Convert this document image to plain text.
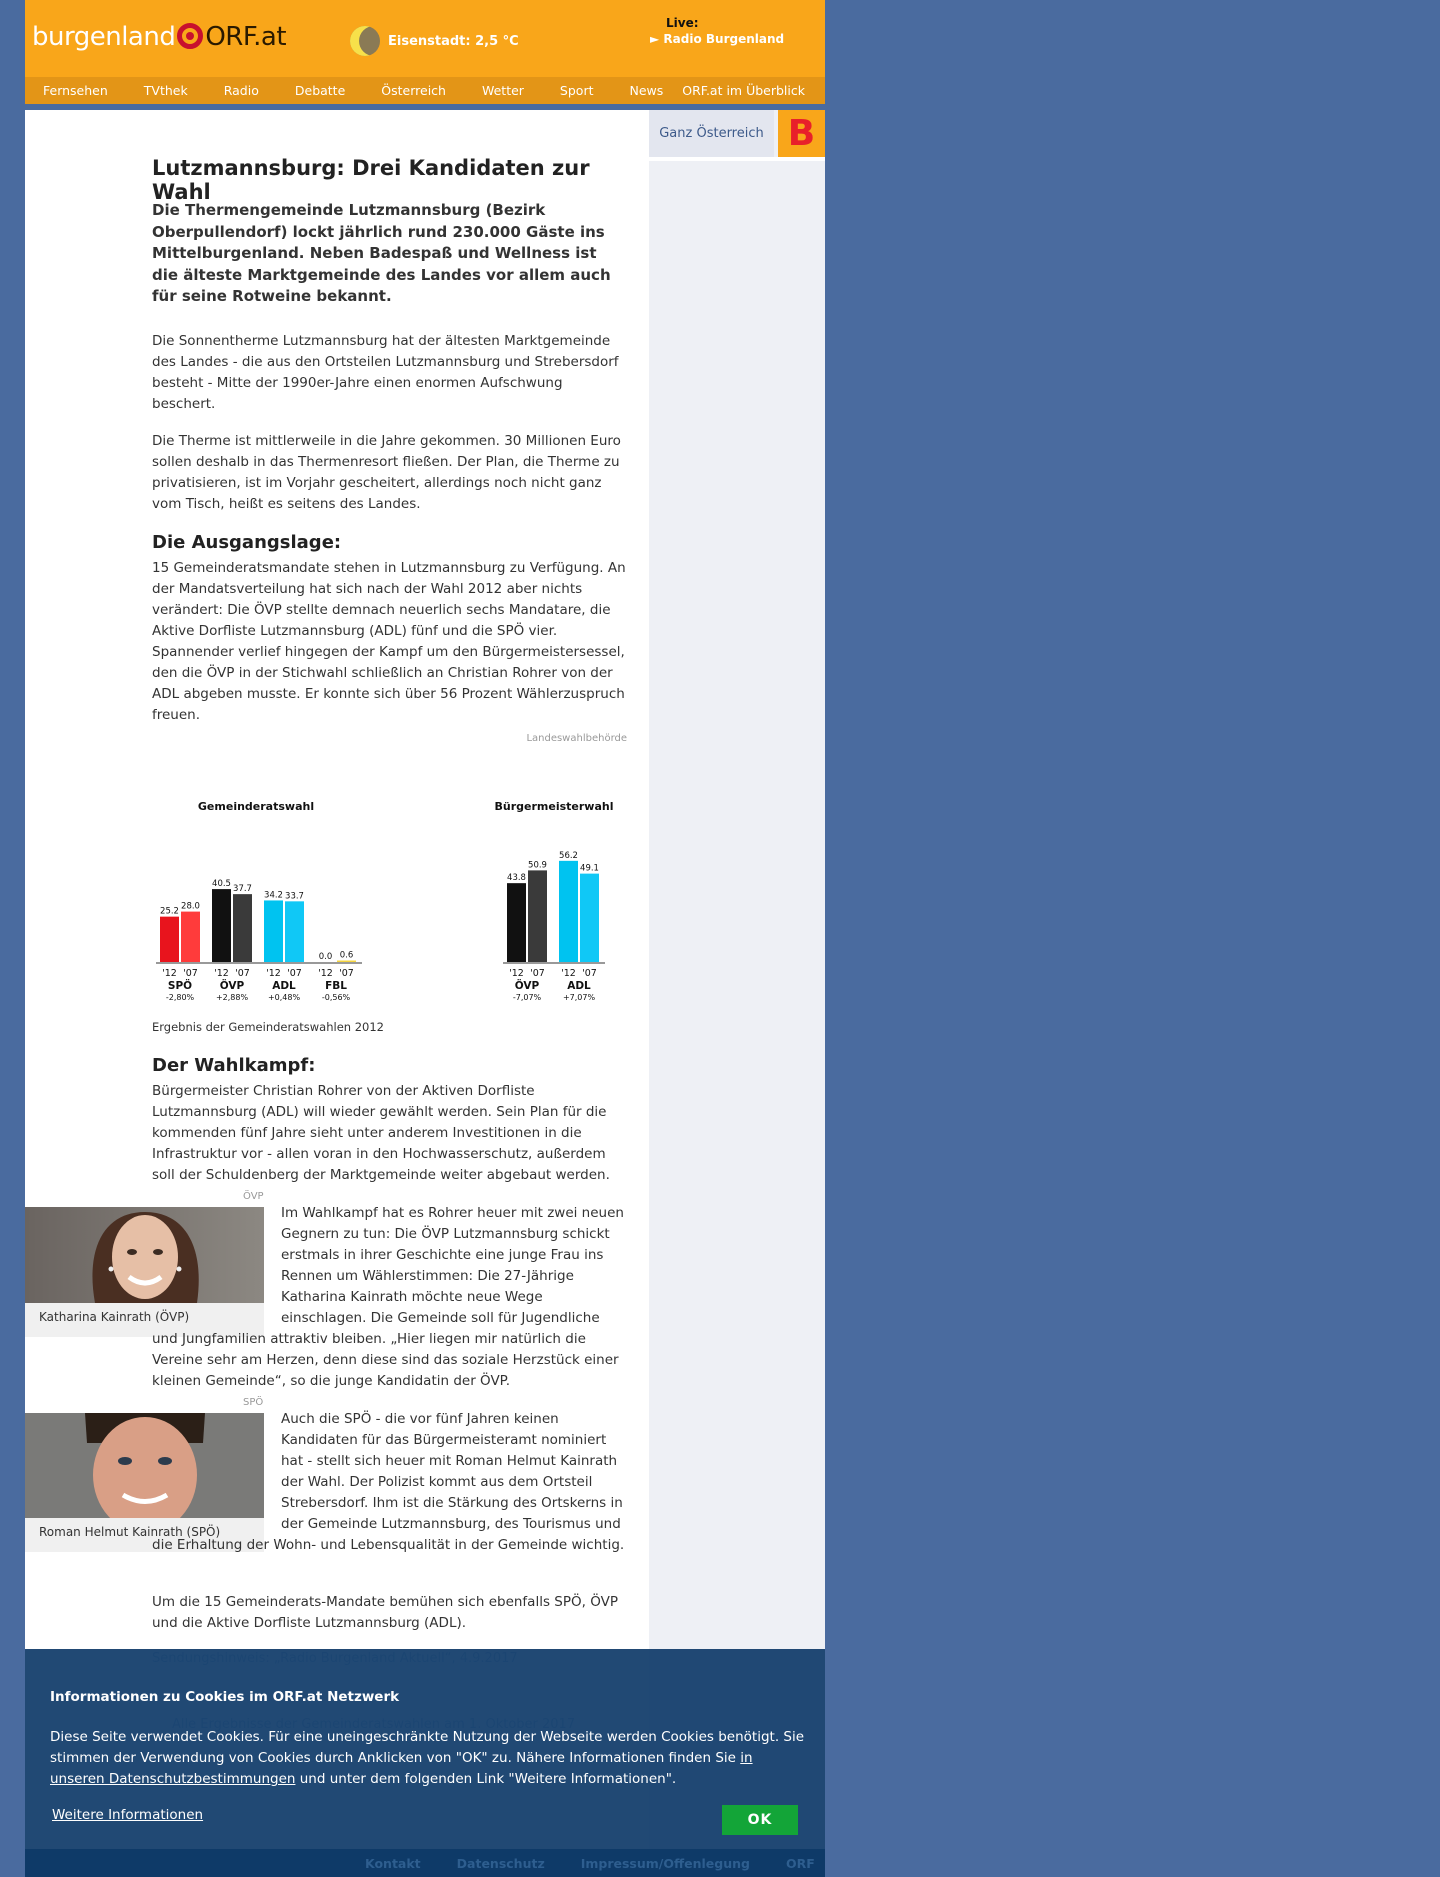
burgenland ORF.at	Eisenstadt: 2,5 °C
Live:
► Radio Burgenland
Fernsehen	TVthek	Radio	Debatte	Österreich	Wetter	Sport	News	ORF.at im Überblick
Ganz Österreich B
Lutzmannsburg: Drei Kandidaten zur Wahl
Die Thermengemeinde Lutzmannsburg (Bezirk Oberpullendorf) lockt jährlich rund 230.000 Gäste ins Mittelburgenland. Neben Badespaß und Wellness ist die älteste Marktgemeinde des Landes vor allem auch für seine Rotweine bekannt.
Die Sonnentherme Lutzmannsburg hat der ältesten Marktgemeinde des Landes - die aus den Ortsteilen Lutzmannsburg und Strebersdorf besteht - Mitte der 1990er-Jahre einen enormen Aufschwung beschert.
Die Therme ist mittlerweile in die Jahre gekommen. 30 Millionen Euro sollen deshalb in das Thermenresort fließen. Der Plan, die Therme zu privatisieren, ist im Vorjahr gescheitert, allerdings noch nicht ganz vom Tisch, heißt es seitens des Landes.
Die Ausgangslage:
15 Gemeinderatsmandate stehen in Lutzmannsburg zu Verfügung. An der Mandatsverteilung hat sich nach der Wahl 2012 aber nichts verändert: Die ÖVP stellte demnach neuerlich sechs Mandatare, die Aktive Dorfliste Lutzmannsburg (ADL) fünf und die SPÖ vier. Spannender verlief hingegen der Kampf um den Bürgermeistersessel, den die ÖVP in der Stichwahl schließlich an Christian Rohrer von der ADL abgeben musste. Er konnte sich über 56 Prozent Wählerzuspruch freuen.
Landeswahlbehörde
Gemeinderatswahl
25.2
'12
28.0
'07
SPÖ
-2,80%
40.5
'12
37.7
'07
ÖVP
+2,88%
34.2
'12
33.7
'07
ADL
+0,48%
0.0
'12
0.6
'07
FBL
-0,56%
Bürgermeisterwahl
43.8
'12
50.9
'07
ÖVP
-7,07%
56.2
'12
49.1
'07
ADL
+7,07%
Ergebnis der Gemeinderatswahlen 2012
Der Wahlkampf:
Bürgermeister Christian Rohrer von der Aktiven Dorfliste Lutzmannsburg (ADL) will wieder gewählt werden. Sein Plan für die kommenden fünf Jahre sieht unter anderem Investitionen in die Infrastruktur vor - allen voran in den Hochwasserschutz, außerdem soll der Schuldenberg der Marktgemeinde weiter abgebaut werden.
ÖVP
Katharina Kainrath (ÖVP)
Im Wahlkampf hat es Rohrer heuer mit zwei neuen Gegnern zu tun: Die ÖVP Lutzmannsburg schickt erstmals in ihrer Geschichte eine junge Frau ins Rennen um Wählerstimmen: Die 27-Jährige Katharina Kainrath möchte neue Wege einschlagen. Die Gemeinde soll für Jugendliche und Jungfamilien attraktiv bleiben. „Hier liegen mir natürlich die Vereine sehr am Herzen, denn diese sind das soziale Herzstück einer kleinen Gemeinde“, so die junge Kandidatin der ÖVP.
SPÖ
Roman Helmut Kainrath (SPÖ)
Auch die SPÖ - die vor fünf Jahren keinen Kandidaten für das Bürgermeisteramt nominiert hat - stellt sich heuer mit Roman Helmut Kainrath der Wahl. Der Polizist kommt aus dem Ortsteil Strebersdorf. Ihm ist die Stärkung des Ortskerns in der Gemeinde Lutzmannsburg, des Tourismus und die Erhaltung der Wohn- und Lebensqualität in der Gemeinde wichtig.
Um die 15 Gemeinderats-Mandate bemühen sich ebenfalls SPÖ, ÖVP und die Aktive Dorfliste Lutzmannsburg (ADL).
Informationen zu Cookies im ORF.at Netzwerk
Diese Seite verwendet Cookies. Für eine uneingeschränkte Nutzung der Webseite werden Cookies benötigt. Sie stimmen der Verwendung von Cookies durch Anklicken von "OK" zu. Nähere Informationen finden Sie in unseren Datenschutzbestimmungen und unter dem folgenden Link "Weitere Informationen".
Weitere Informationen	OK
Kontakt	Datenschutz	Impressum/Offenlegung	ORF
